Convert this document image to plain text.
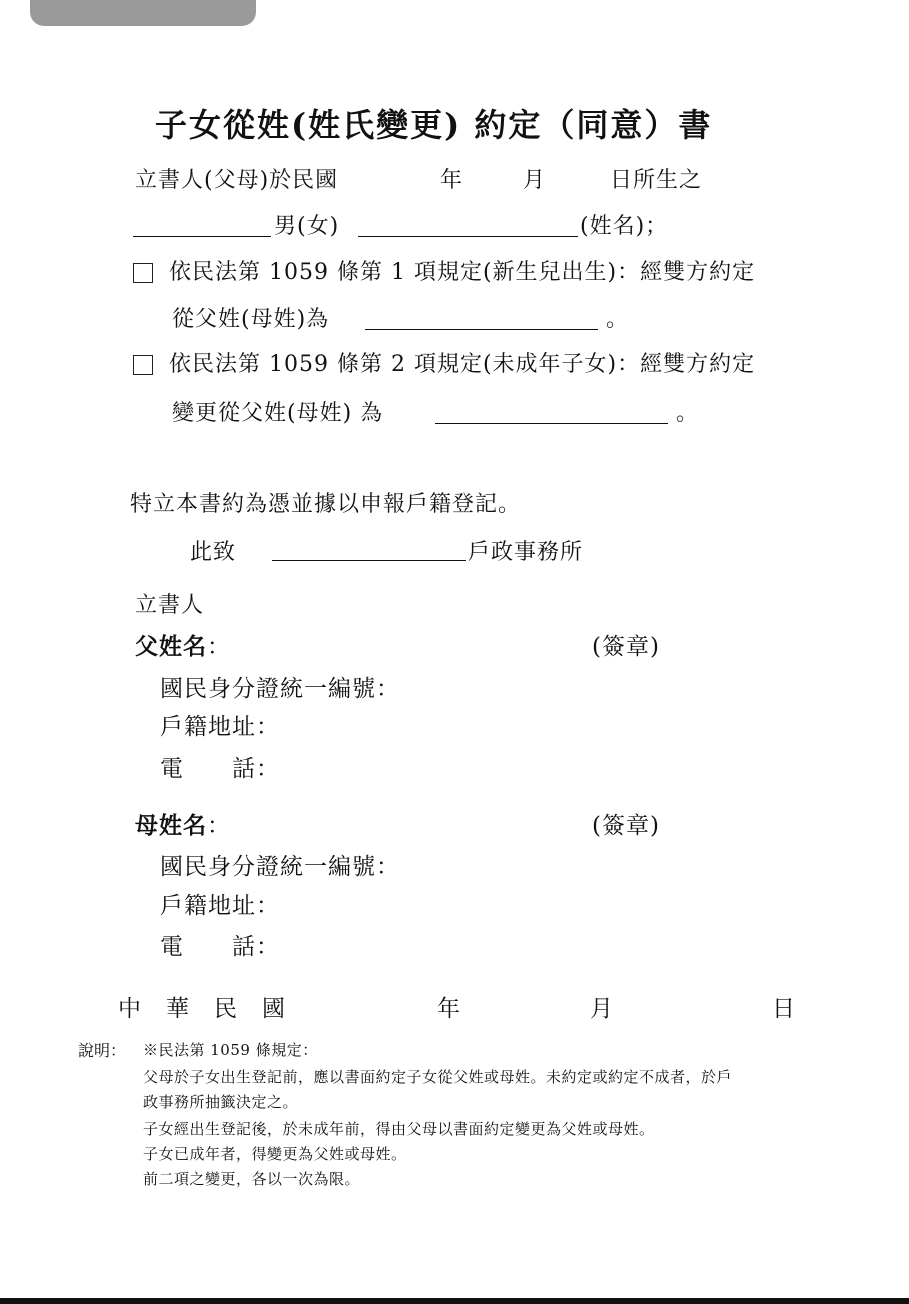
子女從姓(姓氏變更) 約定（同意）書
立書人(父母)於民國	年	月	日所生之
男(女)	(姓名)；
依民法第 1059 條第 1 項規定(新生兒出生)：經雙方約定
從父姓(母姓)為	。
依民法第 1059 條第 2 項規定(未成年子女)：經雙方約定
變更從父姓(母姓) 為	。
特立本書約為憑並據以申報戶籍登記。
此致	戶政事務所
立書人
父姓名：	(簽章)
國民身分證統一編號：
戶籍地址：
電　　話：
母姓名：	(簽章)
國民身分證統一編號：
戶籍地址：
電　　話：
中　華　民　國	年	月	日
說明： ※民法第 1059 條規定：
父母於子女出生登記前，應以書面約定子女從父姓或母姓。未約定或約定不成者，於戶
政事務所抽籤決定之。
子女經出生登記後，於未成年前，得由父母以書面約定變更為父姓或母姓。
子女已成年者，得變更為父姓或母姓。
前二項之變更，各以一次為限。
